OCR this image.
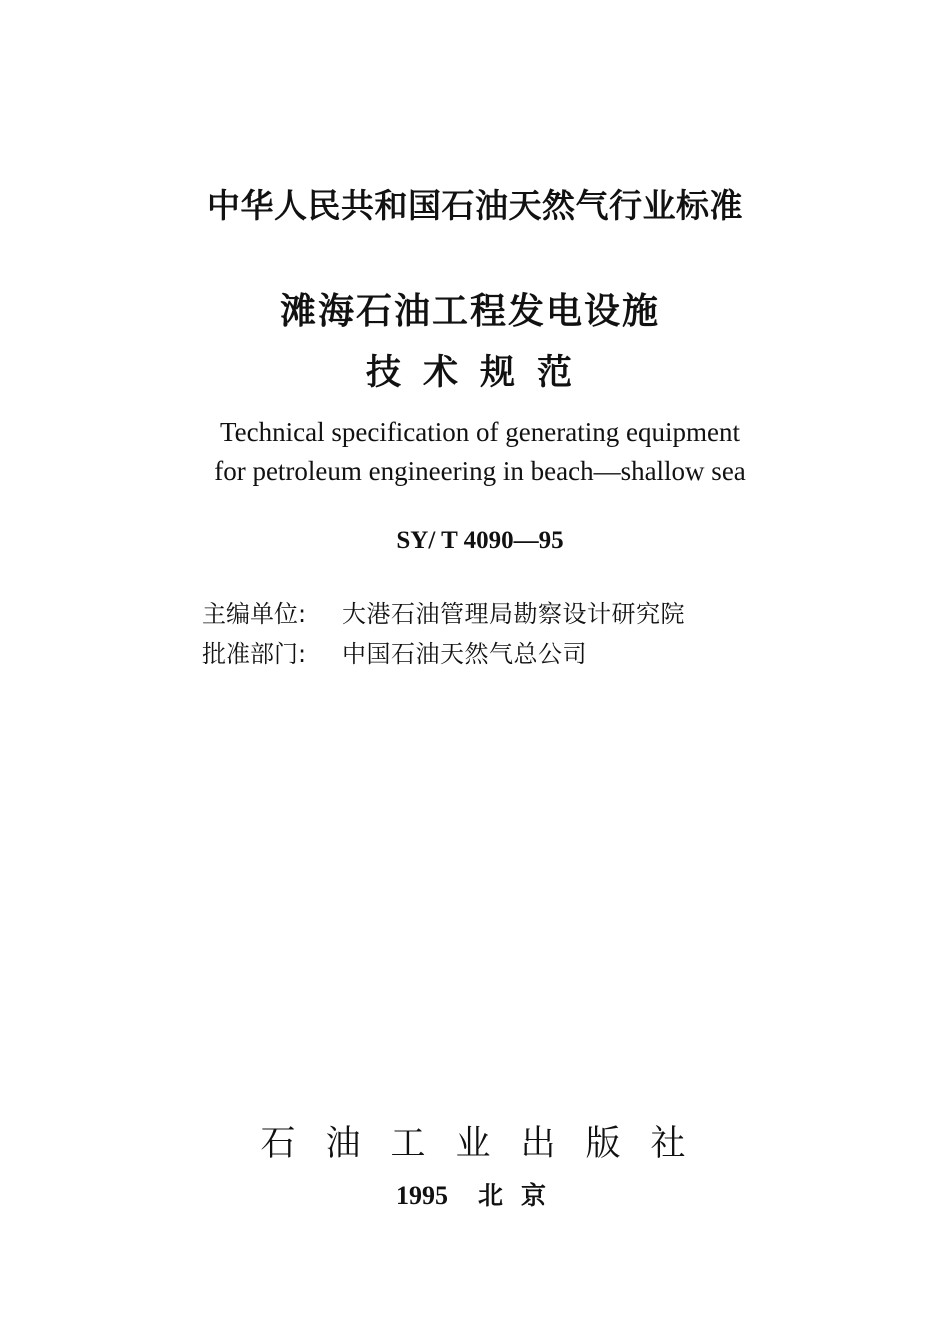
中华人民共和国石油天然气行业标准
滩海石油工程发电设施
技术规范
Technical specification of generating equipment
for petroleum engineering in beach—shallow sea
SY/ T 4090—95
主编单位: 大港石油管理局勘察设计研究院
批准部门: 中国石油天然气总公司
石油工业出版社
1995 北京
